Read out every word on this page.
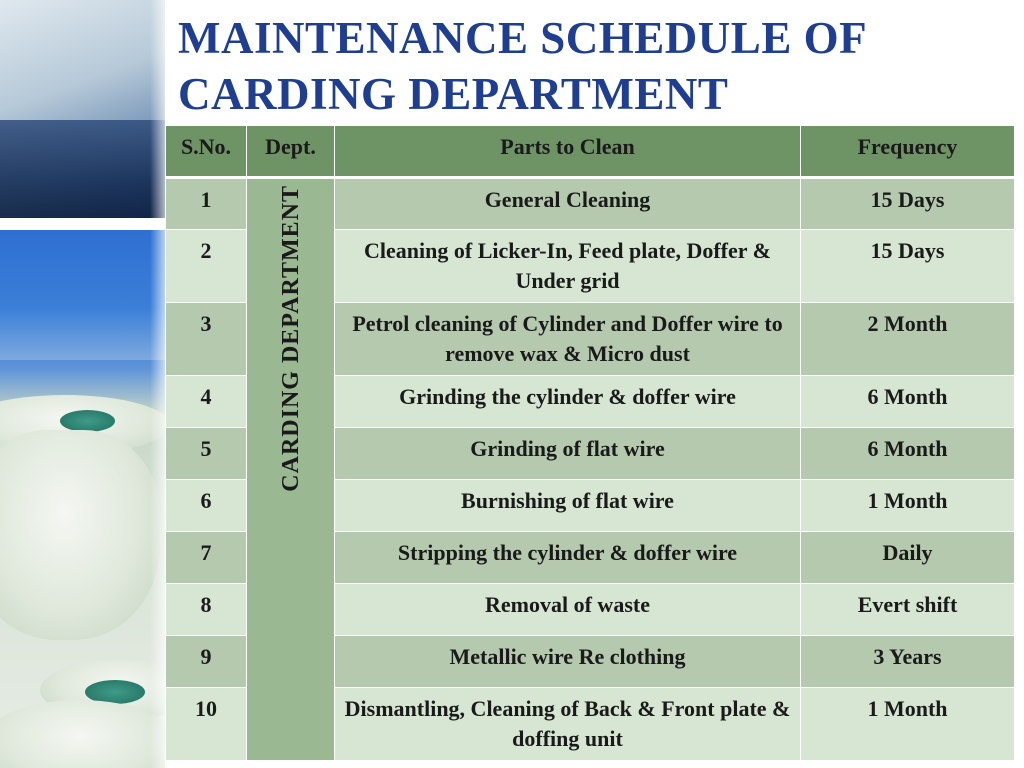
MAINTENANCE SCHEDULE OF CARDING DEPARTMENT
S.No.	Dept.	Parts to Clean	Frequency
1	CARDING DEPARTMENT	General Cleaning	15 Days
2		Cleaning of Licker-In, Feed plate, Doffer & Under grid	15 Days
3		Petrol cleaning of Cylinder and Doffer wire to remove wax & Micro dust	2 Month
4		Grinding the cylinder & doffer wire	6 Month
5		Grinding of flat wire	6 Month
6		Burnishing of flat wire	1 Month
7		Stripping the cylinder & doffer wire	Daily
8		Removal of waste	Evert shift
9		Metallic wire Re clothing	3 Years
10		Dismantling, Cleaning of Back & Front plate & doffing unit	1 Month
